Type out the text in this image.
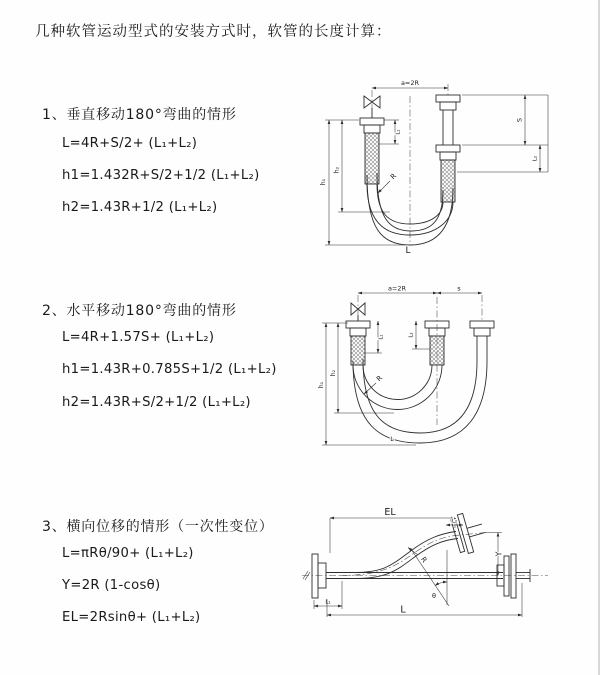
几种软管运动型式的安装方式时，软管的长度计算：
1、垂直移动180°弯曲的情形
L=4R+S/2+ (L₁+L₂)
h1=1.432R+S/2+1/2 (L₁+L₂)
h2=1.43R+1/2 (L₁+L₂)
2、水平移动180°弯曲的情形
L=4R+1.57S+ (L₁+L₂)
h1=1.43R+0.785S+1/2 (L₁+L₂)
h2=1.43R+S/2+1/2 (L₁+L₂)
3、横向位移的情形（一次性变位）
L=πRθ/90+ (L₁+L₂)
Y=2R (1-cosθ)
EL=2Rsinθ+ (L₁+L₂)
a=2R
h₁
h₂
L₁
S
L₂
R
L
a=2R	s
h₁
h₂
L₁	L₂
R
L
EL
L₂
Y
θ
R
L₁
L
